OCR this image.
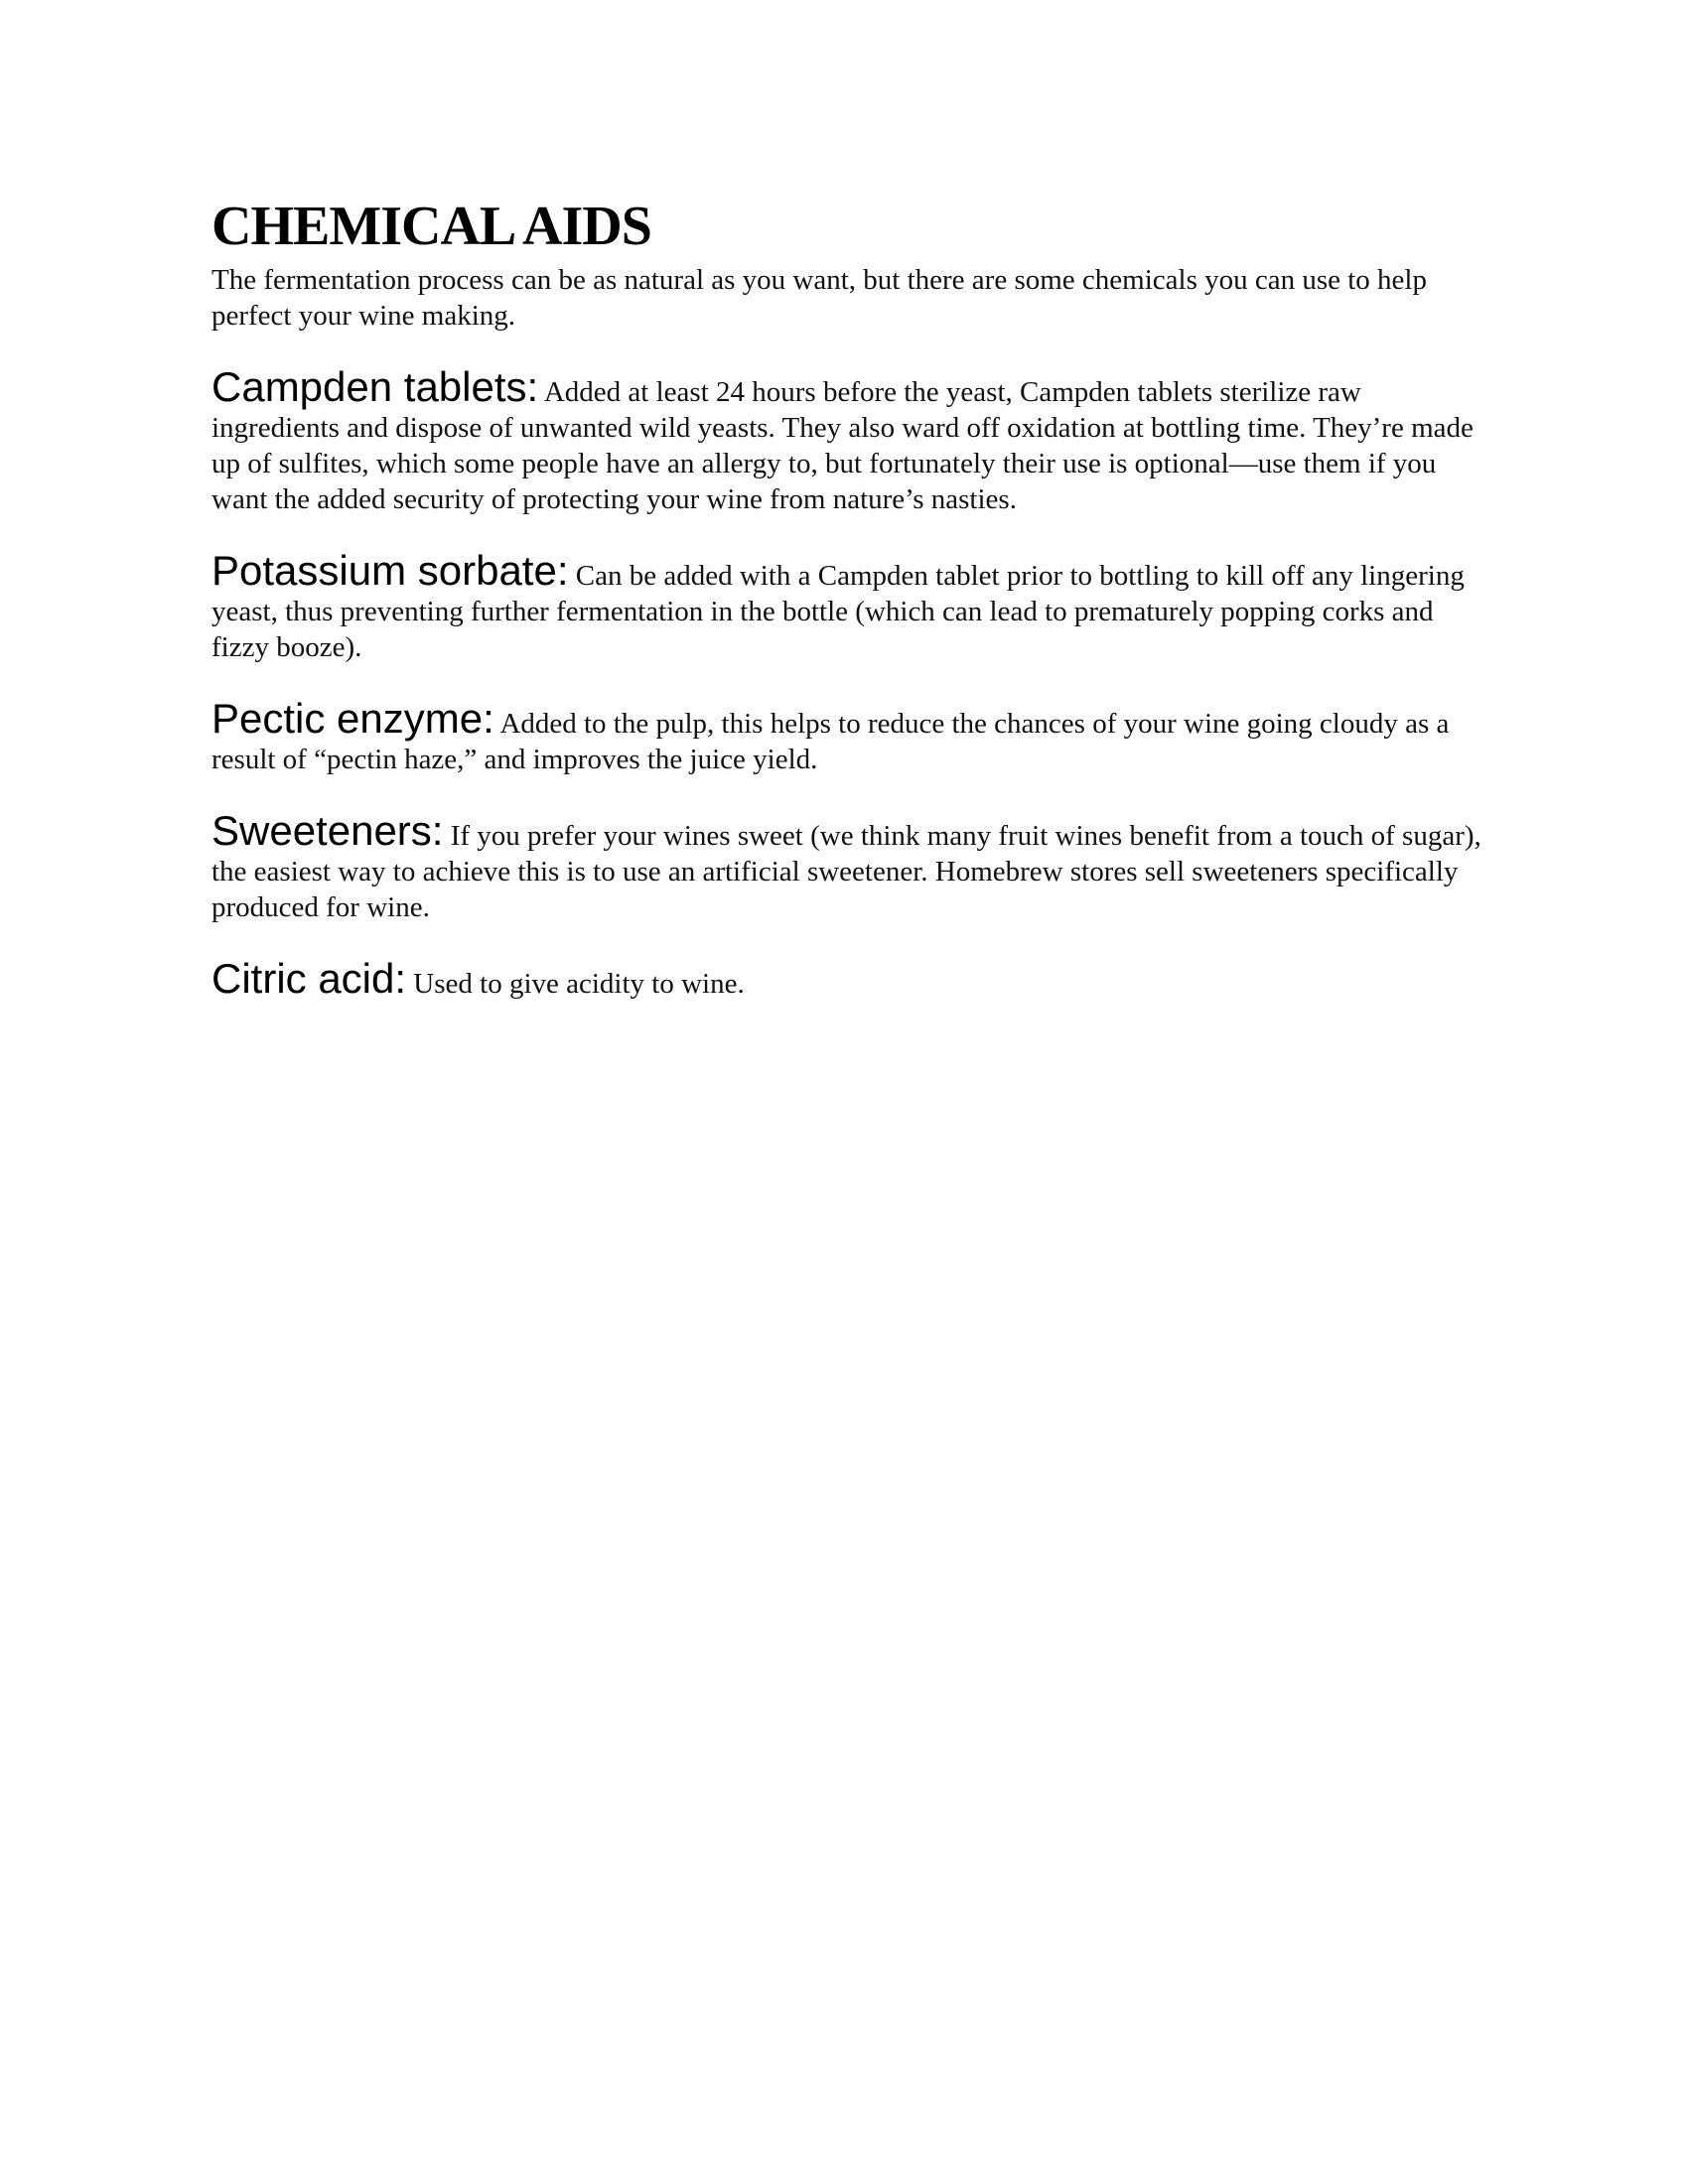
CHEMICAL AIDS

The fermentation process can be as natural as you want, but there are some chemicals you can use to help perfect your wine making.

Campden tablets: Added at least 24 hours before the yeast, Campden tablets sterilize raw ingredients and dispose of unwanted wild yeasts. They also ward off oxidation at bottling time. They’re made up of sulfites, which some people have an allergy to, but fortunately their use is optional—use them if you want the added security of protecting your wine from nature’s nasties.

Potassium sorbate: Can be added with a Campden tablet prior to bottling to kill off any lingering yeast, thus preventing further fermentation in the bottle (which can lead to prematurely popping corks and fizzy booze).

Pectic enzyme: Added to the pulp, this helps to reduce the chances of your wine going cloudy as a result of “pectin haze,” and improves the juice yield.

Sweeteners: If you prefer your wines sweet (we think many fruit wines benefit from a touch of sugar), the easiest way to achieve this is to use an artificial sweetener. Homebrew stores sell sweeteners specifically produced for wine.

Citric acid: Used to give acidity to wine.
